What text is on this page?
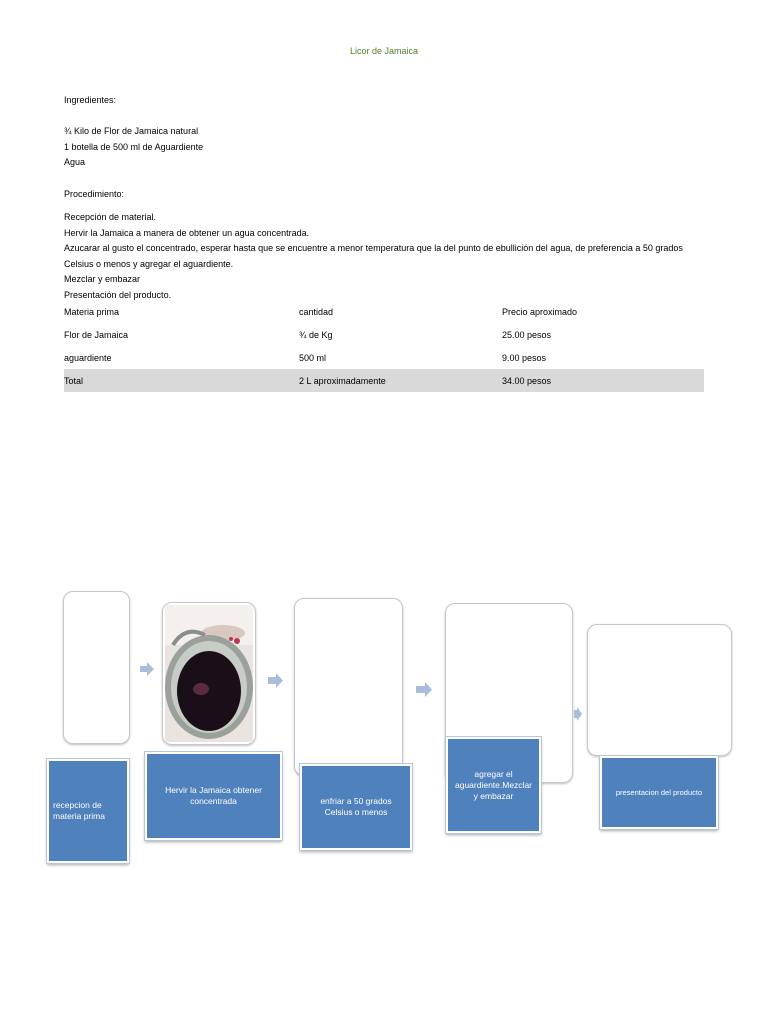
Licor de Jamaica

Ingredientes:

¾ Kilo de Flor de Jamaica natural

1 botella de 500 ml de Aguardiente

Agua

Procedimiento:

Recepción de material.

Hervir la Jamaica a manera de obtener un agua concentrada.

Azucarar al gusto el concentrado, esperar hasta que se encuentre a menor temperatura que la del punto de ebullición del agua, de preferencia a 50 grados Celsius o menos y agregar el aguardiente.

Mezclar y embazar

Presentación del producto.

Materia prima	cantidad	Precio aproximado
Flor de Jamaica	¾ de Kg	25.00 pesos
aguardiente	500 ml	9.00 pesos
Total	2 L aproximadamente	34.00 pesos
recepcion de materia prima
Hervir la Jamaica obtener concentrada	enfriar a 50 grados Celsius o menos
agregar el aguardiente.Mezclar y embazar	presentacion del producto
